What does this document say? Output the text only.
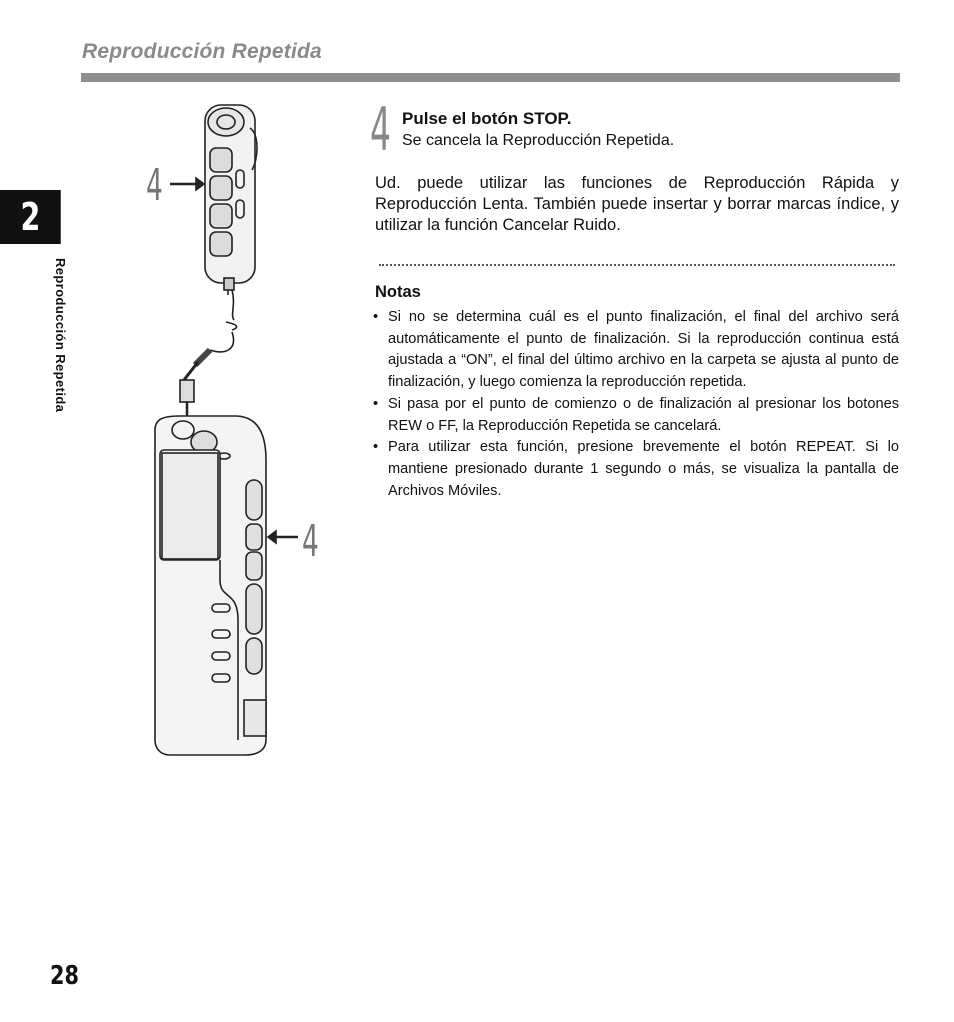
Reproducción Repetida
2
Reproducción Repetida
4
4
4 Pulse el botón STOP.
Se cancela la Reproducción Repetida.
Ud. puede utilizar las funciones de Reproducción Rápida y Reproducción Lenta. También puede insertar y borrar marcas índice, y utilizar la función Cancelar Ruido.
Notas
• Si no se determina cuál es el punto finalización, el final del archivo será automáticamente el punto de finalización. Si la reproducción continua está ajustada a “ON”, el final del último archivo en la carpeta se ajusta al punto de finalización, y luego comienza la reproducción repetida.
• Si pasa por el punto de comienzo o de finalización al presionar los botones REW o FF, la Reproducción Repetida se cancelará.
• Para utilizar esta función, presione brevemente el botón REPEAT. Si lo mantiene presionado durante 1 segundo o más, se visualiza la pantalla de Archivos Móviles.
28
